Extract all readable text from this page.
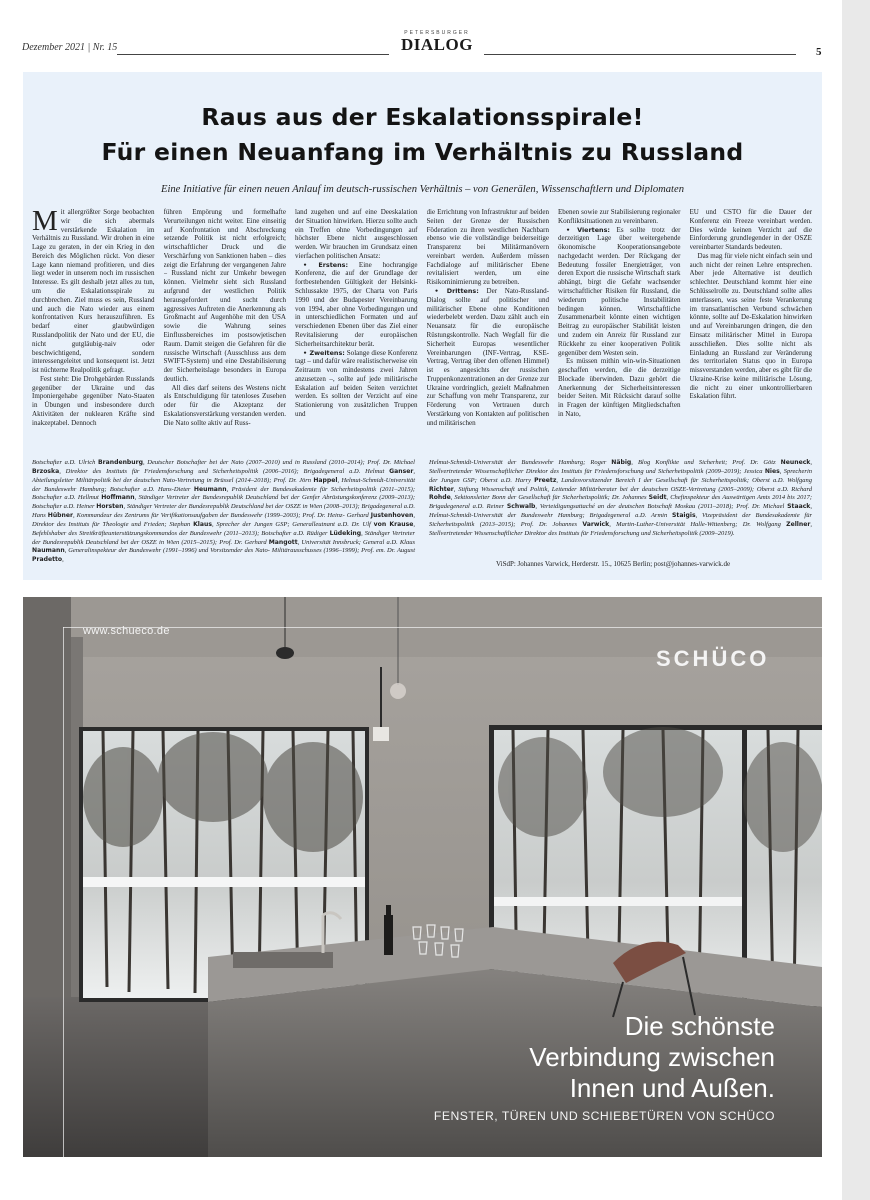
Dezember 2021 | Nr. 15
PETERSBURGER
DIALOG	5
Raus aus der Eskalationsspirale!
Für einen Neuanfang im Verhältnis zu Russland
Eine Initiative für einen neuen Anlauf im deutsch-russischen Verhältnis – von Generälen, Wissenschaftlern und Diplomaten

Mit allergrößter Sorge beobachten wir die sich abermals verstärkende Eskalation im Verhältnis zu Russland. Wir drohen in eine Lage zu geraten, in der ein Krieg in den Bereich des Möglichen rückt. Von dieser Lage kann niemand profitieren, und dies liegt weder in unserem noch im russischen Interesse. Es gilt deshalb jetzt alles zu tun, um die Eskalationsspirale zu durchbrechen. Ziel muss es sein, Russland und auch die Nato wieder aus einem konfrontativen Kurs herauszuführen. Es bedarf einer glaubwürdigen Russlandpolitik der Nato und der EU, die nicht gutgläubig-naiv oder beschwichtigend, sondern interessengeleitet und konsequent ist. Jetzt ist nüchterne Realpolitik gefragt.

Fest steht: Die Drohgebärden Russlands gegenüber der Ukraine und das Imponiergehabe gegenüber Nato-Staaten in Übungen und insbesondere durch Aktivitäten der nuklearen Kräfte sind inakzeptabel. Dennoch

führen Empörung und formelhafte Verurteilungen nicht weiter. Eine einseitig auf Konfrontation und Abschreckung setzende Politik ist nicht erfolgreich; wirtschaftlicher Druck und die Verschärfung von Sanktionen haben – dies zeigt die Erfahrung der vergangenen Jahre – Russland nicht zur Umkehr bewegen können. Vielmehr sieht sich Russland aufgrund der westlichen Politik herausgefordert und sucht durch aggressives Auftreten die Anerkennung als Großmacht auf Augenhöhe mit den USA sowie die Wahrung seines Einflussbereiches im postsowjetischen Raum. Damit steigen die Gefahren für die russische Wirtschaft (Ausschluss aus dem SWIFT-System) und eine Destabilisierung der Sicherheitslage besonders in Europa deutlich.

All dies darf seitens des Westens nicht als Entschuldigung für tatenloses Zusehen oder für die Akzeptanz der Eskalationsverstärkung verstanden werden. Die Nato sollte aktiv auf Russ-

land zugehen und auf eine Deeskalation der Situation hinwirken. Hierzu sollte auch ein Treffen ohne Vorbedingungen auf höchster Ebene nicht ausgeschlossen werden. Wir brauchen im Grundsatz einen vierfachen politischen Ansatz:

• Erstens: Eine hochrangige Konferenz, die auf der Grundlage der fortbestehenden Gültigkeit der Helsinki-Schlussakte 1975, der Charta von Paris 1990 und der Budapester Vereinbarung von 1994, aber ohne Vorbedingungen und in unterschiedlichen Formaten und auf verschiedenen Ebenen über das Ziel einer Revitalisierung der europäischen Sicherheitsarchitektur berät.

• Zweitens: Solange diese Konferenz tagt – und dafür wäre realistischerweise ein Zeitraum von mindestens zwei Jahren anzusetzen –, sollte auf jede militärische Eskalation auf beiden Seiten verzichtet werden. Es sollten der Verzicht auf eine Stationierung von zusätzlichen Truppen und

die Errichtung von Infrastruktur auf beiden Seiten der Grenze der Russischen Föderation zu ihren westlichen Nachbarn ebenso wie die vollständige beiderseitige Transparenz bei Militärmanövern vereinbart werden. Außerdem müssen Fachdialoge auf militärischer Ebene revitalisiert werden, um eine Risikominimierung zu betreiben.

• Drittens: Der Nato-Russland-Dialog sollte auf politischer und militärischer Ebene ohne Konditionen wiederbelebt werden. Dazu zählt auch ein Neuansatz für die europäische Rüstungskontrolle. Nach Wegfall für die Sicherheit Europas wesentlicher Vereinbarungen (INF-Vertrag, KSE-Vertrag, Vertrag über den offenen Himmel) ist es angesichts der russischen Truppenkonzentrationen an der Grenze zur Ukraine vordringlich, gezielt Maßnahmen zur Schaffung von mehr Transparenz, zur Förderung von Vertrauen durch Verstärkung von Kontakten auf politischen und militärischen

Ebenen sowie zur Stabilisierung regionaler Konfliktsituationen zu vereinbaren.

• Viertens: Es sollte trotz der derzeitigen Lage über weitergehende ökonomische Kooperationsangebote nachgedacht werden. Der Rückgang der Bedeutung fossiler Energieträger, von deren Export die russische Wirtschaft stark abhängt, birgt die Gefahr wachsender wirtschaftlicher Risiken für Russland, die wiederum politische Instabilitäten bedingen können. Wirtschaftliche Zusammenarbeit könnte einen wichtigen Beitrag zu europäischer Stabilität leisten und zudem ein Anreiz für Russland zur Rückkehr zu einer kooperativen Politik gegenüber dem Westen sein.

Es müssen mithin win-win-Situationen geschaffen werden, die die derzeitige Blockade überwinden. Dazu gehört die Anerkennung der Sicherheitsinteressen beider Seiten. Mit Rücksicht darauf sollte in Fragen der künftigen Mitgliedschaften in Nato,

EU und CSTO für die Dauer der Konferenz ein Freeze vereinbart werden. Dies würde keinen Verzicht auf die Einforderung grundlegender in der OSZE vereinbarter Standards bedeuten.

Das mag für viele nicht einfach sein und auch nicht der reinen Lehre entsprechen. Aber jede Alternative ist deutlich schlechter. Deutschland kommt hier eine Schlüsselrolle zu. Deutschland sollte alles unterlassen, was seine feste Verankerung im transatlantischen Verbund schwächen könnte, sollte auf De-Eskalation hinwirken und auf Vereinbarungen dringen, die den Einsatz militärischer Mittel in Europa ausschließen. Dies sollte nicht als Einladung an Russland zur Veränderung des territorialen Status quo in Europa missverstanden werden, aber es gibt für die Ukraine-Krise keine militärische Lösung, die nicht zu einer unkontrollierbaren Eskalation führt.

Botschafter a.D. Ulrich Brandenburg, Deutscher Botschafter bei der Nato (2007–2010) und in Russland (2010–2014); Prof. Dr. Michael Brzoska, Direktor des Instituts für Friedensforschung und Sicherheitspolitik (2006–2016); Brigadegeneral a.D. Helmut Ganser, Abteilungsleiter Militärpolitik bei der deutschen Nato-Vertretung in Brüssel (2014–2018); Prof. Dr. Jörn Happel, Helmut-Schmidt-Universität der Bundeswehr Hamburg; Botschafter a.D. Hans-Dieter Heumann, Präsident der Bundesakademie für Sicherheitspolitik (2011–2015); Botschafter a.D. Hellmut Hoffmann, Ständiger Vertreter der Bundesrepublik Deutschland bei der Genfer Abrüstungskonferenz (2009–2013); Botschafter a.D. Heiner Horsten, Ständiger Vertreter der Bundesrepublik Deutschland bei der OSZE in Wien (2008–2013); Brigadegeneral a.D. Hans Hübner, Kommandeur des Zentrums für Verifikationsaufgaben der Bundeswehr (1999–2003); Prof. Dr. Heinz- Gerhard Justenhoven, Direktor des Instituts für Theologie und Frieden; Stephan Klaus, Sprecher der Jungen GSP; Generalleutnant a.D. Dr. Ulf von Krause, Befehlshaber des Streitkräfteunterstützungskommandos der Bundeswehr (2011–2013); Botschafter a.D. Rüdiger Lüdeking, Ständiger Vertreter der Bundesrepublik Deutschland bei der OSZE in Wien (2015–2015); Prof. Dr. Gerhard Mangott, Universität Innsbruck; General a.D. Klaus Naumann, Generalinspekteur der Bundeswehr (1991–1996) und Vorsitzender des Nato- Militärausschusses (1996–1999); Prof. em. Dr. August Pradetto,
Helmut-Schmidt-Universität der Bundeswehr Hamburg; Roger Näbig, Blog Konflikte und Sicherheit; Prof. Dr. Götz Neuneck, Stellvertretender Wissenschaftlicher Direktor des Instituts für Friedensforschung und Sicherheitspolitik (2009–2019); Jessica Nies, Sprecherin der Jungen GSP; Oberst a.D. Harry Preetz, Landesvorsitzender Bereich I der Gesellschaft für Sicherheitspolitik; Oberst a.D. Wolfgang Richter, Stiftung Wissenschaft und Politik, Leitender Militärberater bei der deutschen OSZE-Vertretung (2005–2009); Oberst a.D. Richard Rohde, Sektionsleiter Bonn der Gesellschaft für Sicherheitspolitik; Dr. Johannes Seidt, Chefinspekteur des Auswärtigen Amts 2014 bis 2017; Brigadegeneral a.D. Reiner Schwalb, Verteidigungsattaché an der deutschen Botschaft Moskau (2011–2018); Prof. Dr. Michael Staack, Helmut-Schmidt-Universität der Bundeswehr Hamburg; Brigadegeneral a.D. Armin Staigis, Vizepräsident der Bundesakademie für Sicherheitspolitik (2013–2015); Prof. Dr. Johannes Varwick, Martin-Luther-Universität Halle-Wittenberg; Dr. Wolfgang Zellner, Stellvertretender Wissenschaftlicher Direktor des Instituts für Friedensforschung und Sicherheitspolitik (2009–2019).
ViSdP: Johannes Varwick, Herderstr. 15., 10625 Berlin; post@johannes-varwick.de
www.schueco.de
SCHÜCO
Die schönste
Verbindung zwischen
Innen und Außen.
FENSTER, TÜREN UND SCHIEBETÜREN VON SCHÜCO
